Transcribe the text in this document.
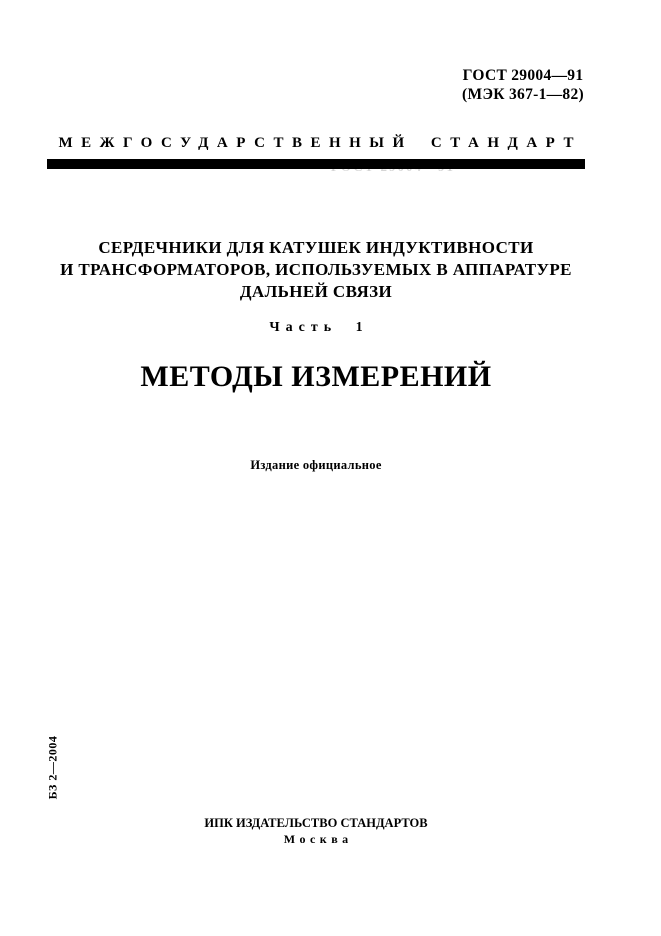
ГОСТ 29004—91
(МЭК 367-1—82)
МЕЖГОСУДАРСТВЕННЫЙ СТАНДАРТ
СЕРДЕЧНИКИ ДЛЯ КАТУШЕК ИНДУКТИВНОСТИ
И ТРАНСФОРМАТОРОВ, ИСПОЛЬЗУЕМЫХ В АППАРАТУРЕ
ДАЛЬНЕЙ СВЯЗИ
Часть 1
МЕТОДЫ ИЗМЕРЕНИЙ
Издание официальное
БЗ 2—2004
ИПК ИЗДАТЕЛЬСТВО СТАНДАРТОВ
Москва
